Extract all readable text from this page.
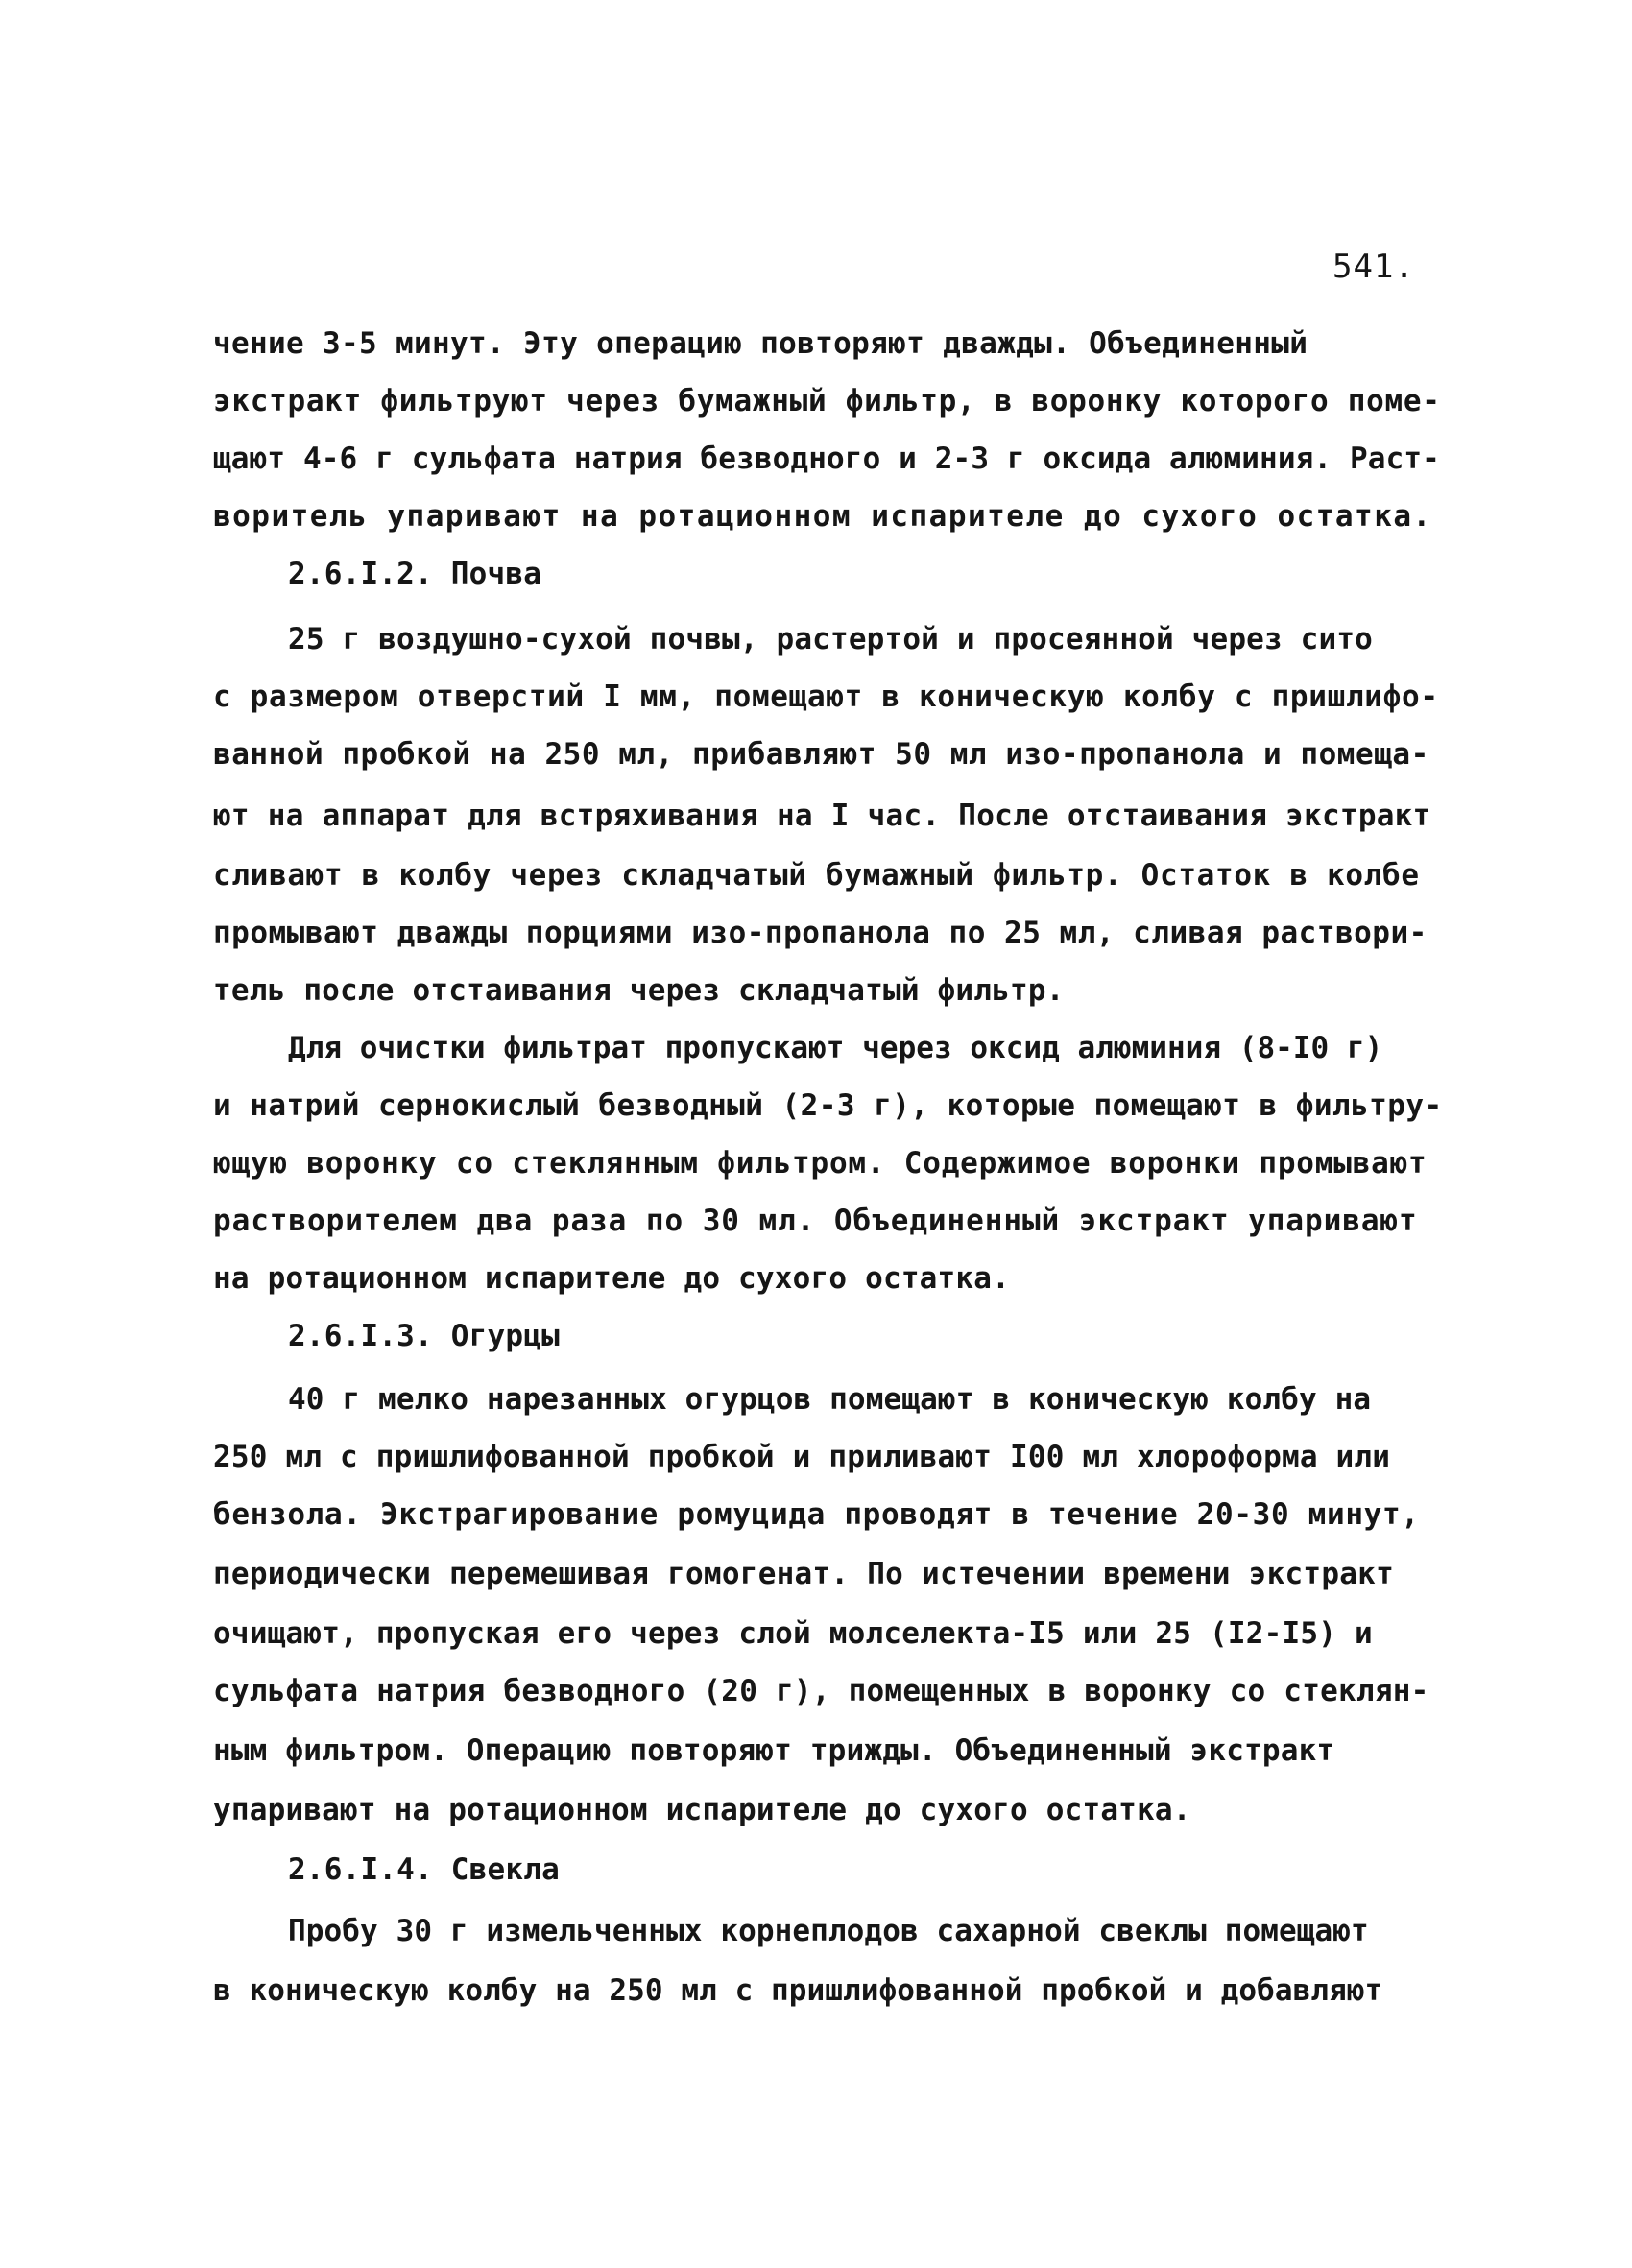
541.
чение 3-5 минут. Эту операцию повторяют дважды. Объединенный
экстракт фильтруют через бумажный фильтр, в воронку которого поме-
щают 4-6 г сульфата натрия безводного и 2-3 г оксида алюминия. Раст-
воритель упаривают на ротационном испарителе до сухого остатка.
2.6.I.2. Почва
25 г воздушно-сухой почвы, растертой и просеянной через сито
с размером отверстий I мм, помещают в коническую колбу с пришлифо-
ванной пробкой на 250 мл, прибавляют 50 мл изо-пропанола и помеща-
ют на аппарат для встряхивания на I час. После отстаивания экстракт
сливают в колбу через складчатый бумажный фильтр. Остаток в колбе
промывают дважды порциями изо-пропанола по 25 мл, сливая раствори-
тель после отстаивания через складчатый фильтр.
Для очистки фильтрат пропускают через оксид алюминия (8-I0 г)
и натрий сернокислый безводный (2-3 г), которые помещают в фильтру-
ющую воронку со стеклянным фильтром. Содержимое воронки промывают
растворителем два раза по 30 мл. Объединенный экстракт упаривают
на ротационном испарителе до сухого остатка.
2.6.I.3. Огурцы
40 г мелко нарезанных огурцов помещают в коническую колбу на
250 мл с пришлифованной пробкой и приливают I00 мл хлороформа или
бензола. Экстрагирование ромуцида проводят в течение 20-30 минут,
периодически перемешивая гомогенат. По истечении времени экстракт
очищают, пропуская его через слой молселекта-I5 или 25 (I2-I5) и
сульфата натрия безводного (20 г), помещенных в воронку со стеклян-
ным фильтром. Операцию повторяют трижды. Объединенный экстракт
упаривают на ротационном испарителе до сухого остатка.
2.6.I.4. Свекла
Пробу 30 г измельченных корнеплодов сахарной свеклы помещают
в коническую колбу на 250 мл с пришлифованной пробкой и добавляют
